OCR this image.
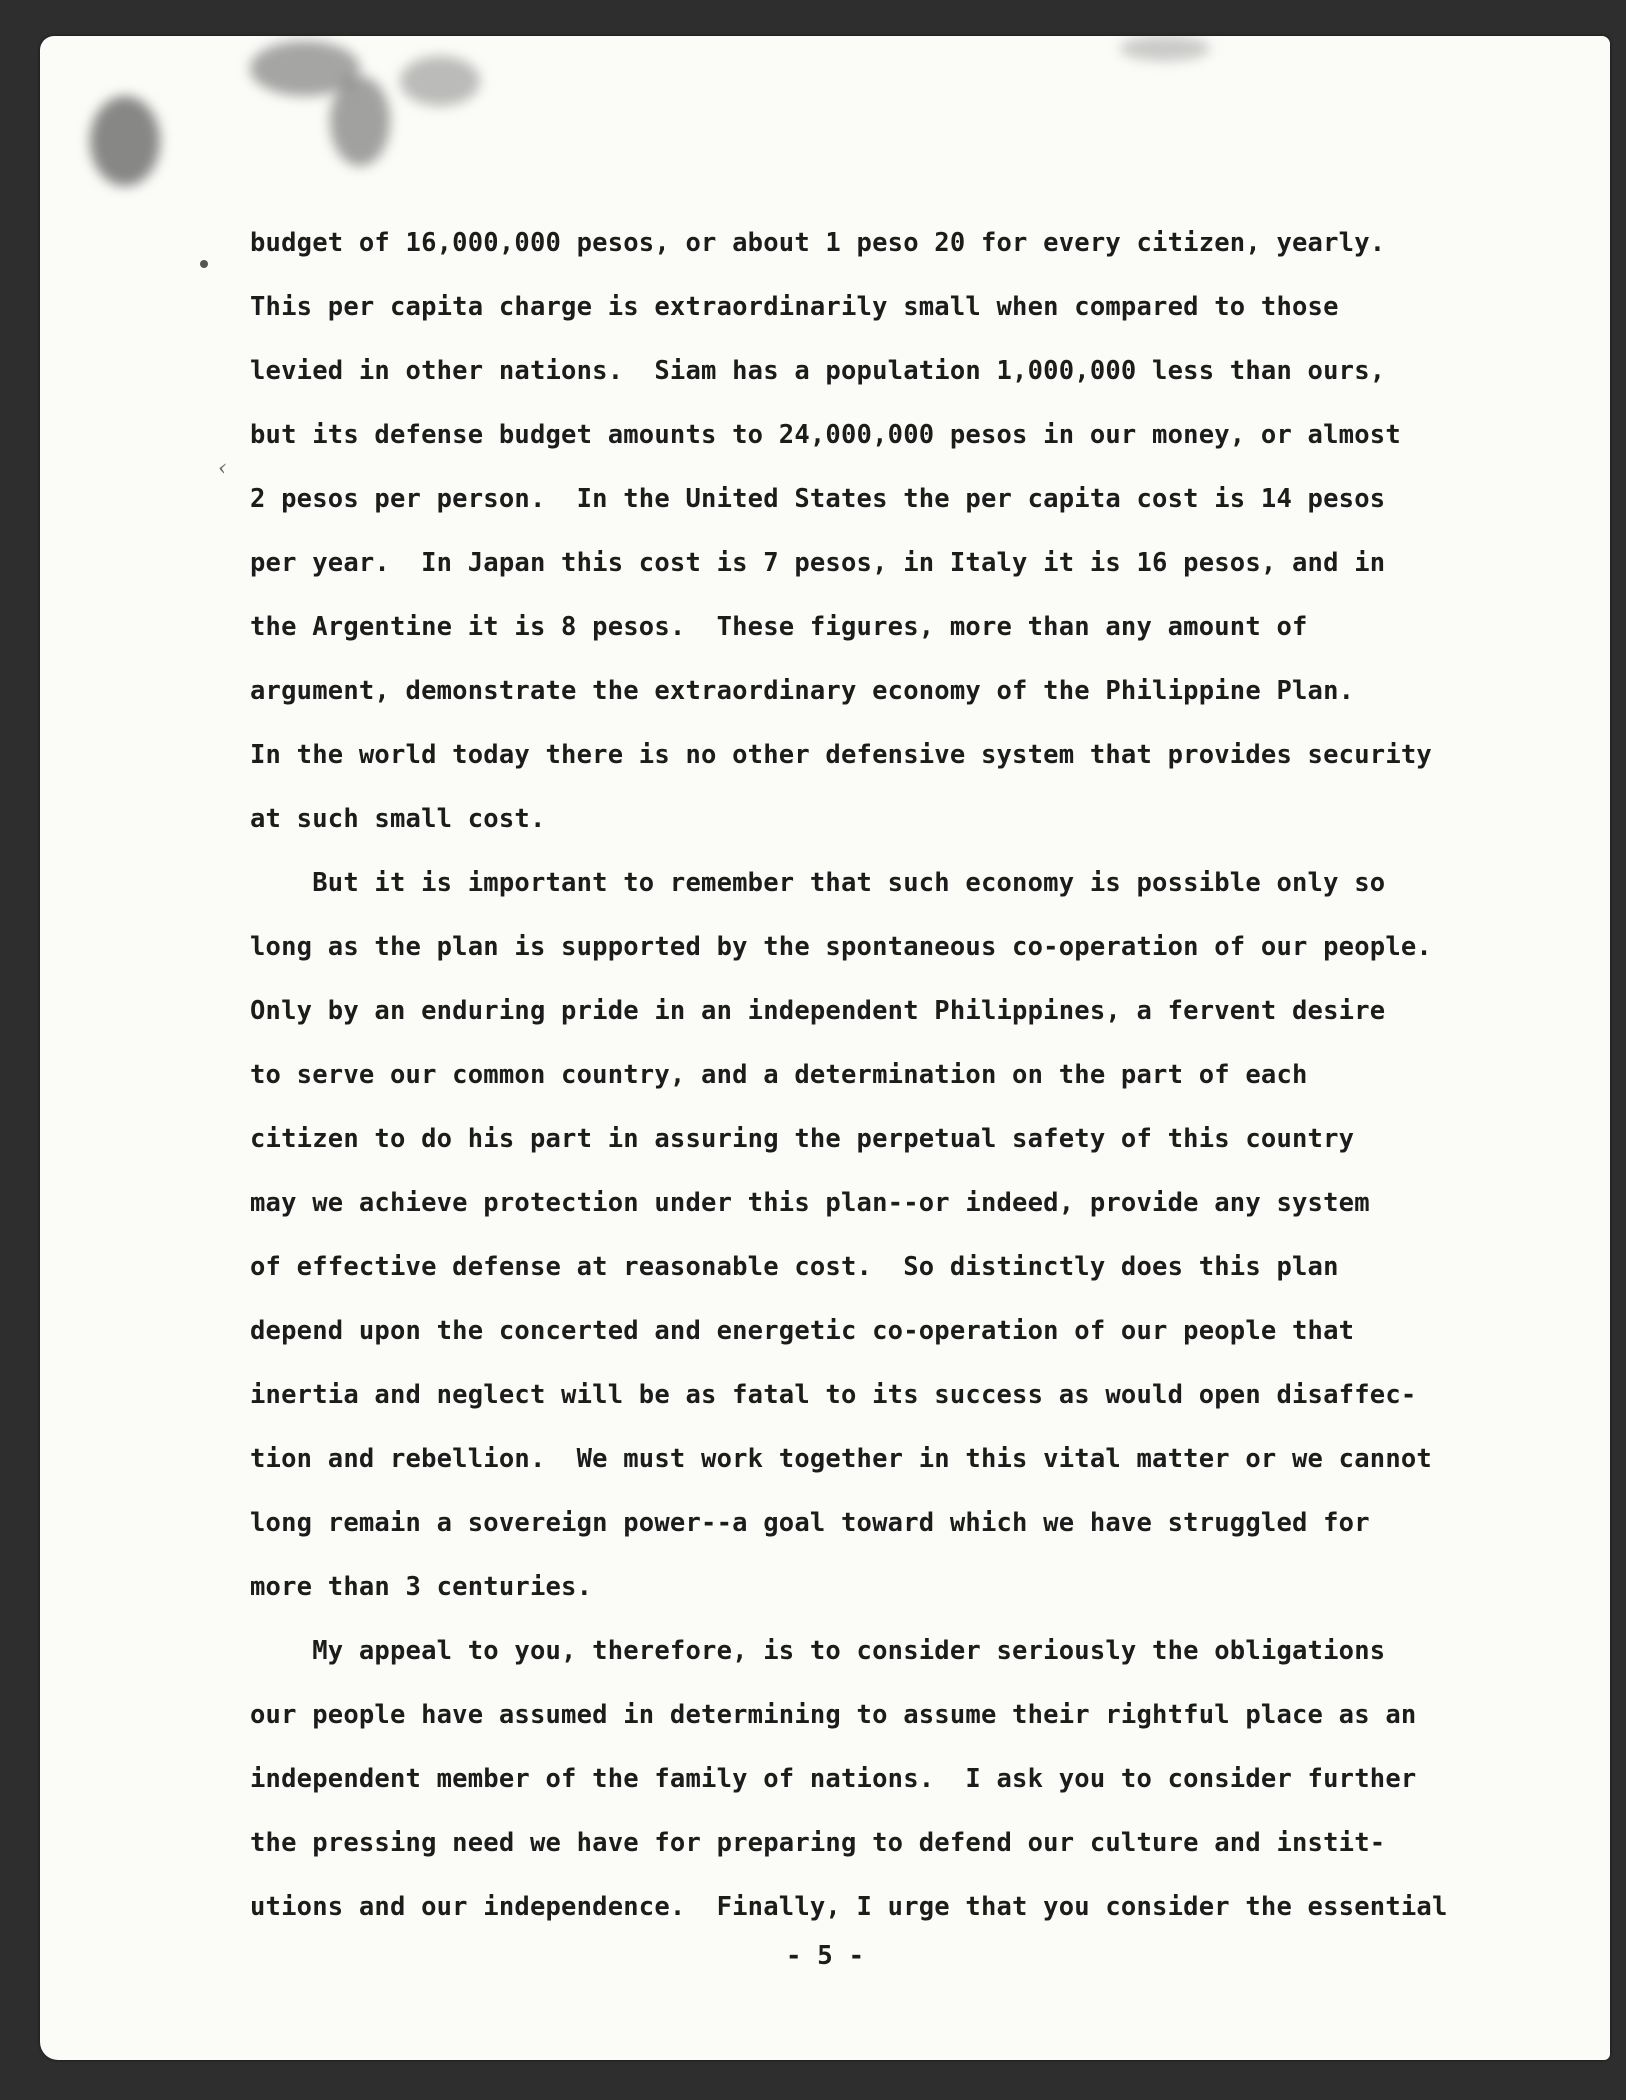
‹
budget of 16,000,000 pesos, or about 1 peso 20 for every citizen, yearly.
This per capita charge is extraordinarily small when compared to those
levied in other nations.  Siam has a population 1,000,000 less than ours,
but its defense budget amounts to 24,000,000 pesos in our money, or almost
2 pesos per person.  In the United States the per capita cost is 14 pesos
per year.  In Japan this cost is 7 pesos, in Italy it is 16 pesos, and in
the Argentine it is 8 pesos.  These figures, more than any amount of
argument, demonstrate the extraordinary economy of the Philippine Plan.
In the world today there is no other defensive system that provides security
at such small cost.
But it is important to remember that such economy is possible only so
long as the plan is supported by the spontaneous co-operation of our people.
Only by an enduring pride in an independent Philippines, a fervent desire
to serve our common country, and a determination on the part of each
citizen to do his part in assuring the perpetual safety of this country
may we achieve protection under this plan--or indeed, provide any system
of effective defense at reasonable cost.  So distinctly does this plan
depend upon the concerted and energetic co-operation of our people that
inertia and neglect will be as fatal to its success as would open disaffec-
tion and rebellion.  We must work together in this vital matter or we cannot
long remain a sovereign power--a goal toward which we have struggled for
more than 3 centuries.
My appeal to you, therefore, is to consider seriously the obligations
our people have assumed in determining to assume their rightful place as an
independent member of the family of nations.  I ask you to consider further
the pressing need we have for preparing to defend our culture and instit-
utions and our independence.  Finally, I urge that you consider the essential
- 5 -
